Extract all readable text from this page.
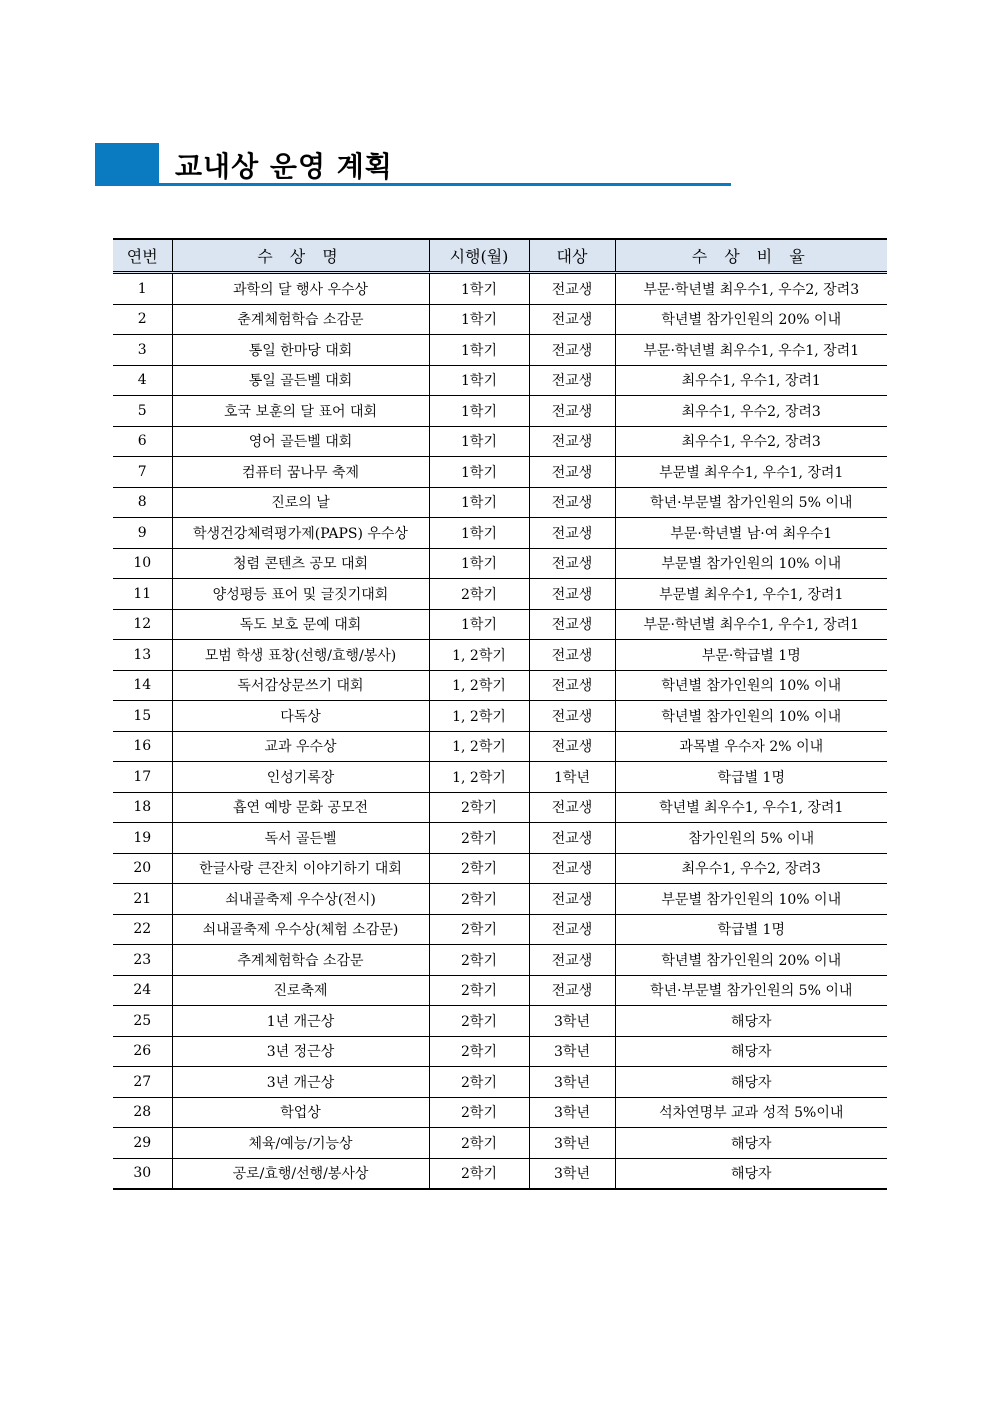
교내상 운영 계획
연번	수 상 명	시행(월)	대상	수 상 비 율
1	과학의 달 행사 우수상	1학기	전교생	부문·학년별 최우수1, 우수2, 장려3
2	춘계체험학습 소감문	1학기	전교생	학년별 참가인원의 20% 이내
3	통일 한마당 대회	1학기	전교생	부문·학년별 최우수1, 우수1, 장려1
4	통일 골든벨 대회	1학기	전교생	최우수1, 우수1, 장려1
5	호국 보훈의 달 표어 대회	1학기	전교생	최우수1, 우수2, 장려3
6	영어 골든벨 대회	1학기	전교생	최우수1, 우수2, 장려3
7	컴퓨터 꿈나무 축제	1학기	전교생	부문별 최우수1, 우수1, 장려1
8	진로의 날	1학기	전교생	학년·부문별 참가인원의 5% 이내
9	학생건강체력평가제(PAPS) 우수상	1학기	전교생	부문·학년별 남·여 최우수1
10	청렴 콘텐츠 공모 대회	1학기	전교생	부문별 참가인원의 10% 이내
11	양성평등 표어 및 글짓기대회	2학기	전교생	부문별 최우수1, 우수1, 장려1
12	독도 보호 문예 대회	1학기	전교생	부문·학년별 최우수1, 우수1, 장려1
13	모범 학생 표창(선행/효행/봉사)	1, 2학기	전교생	부문·학급별 1명
14	독서감상문쓰기 대회	1, 2학기	전교생	학년별 참가인원의 10% 이내
15	다독상	1, 2학기	전교생	학년별 참가인원의 10% 이내
16	교과 우수상	1, 2학기	전교생	과목별 우수자 2% 이내
17	인성기록장	1, 2학기	1학년	학급별 1명
18	흡연 예방 문화 공모전	2학기	전교생	학년별 최우수1, 우수1, 장려1
19	독서 골든벨	2학기	전교생	참가인원의 5% 이내
20	한글사랑 큰잔치 이야기하기 대회	2학기	전교생	최우수1, 우수2, 장려3
21	쇠내골축제 우수상(전시)	2학기	전교생	부문별 참가인원의 10% 이내
22	쇠내골축제 우수상(체험 소감문)	2학기	전교생	학급별 1명
23	추계체험학습 소감문	2학기	전교생	학년별 참가인원의 20% 이내
24	진로축제	2학기	전교생	학년·부문별 참가인원의 5% 이내
25	1년 개근상	2학기	3학년	해당자
26	3년 정근상	2학기	3학년	해당자
27	3년 개근상	2학기	3학년	해당자
28	학업상	2학기	3학년	석차연명부 교과 성적 5%이내
29	체육/예능/기능상	2학기	3학년	해당자
30	공로/효행/선행/봉사상	2학기	3학년	해당자
